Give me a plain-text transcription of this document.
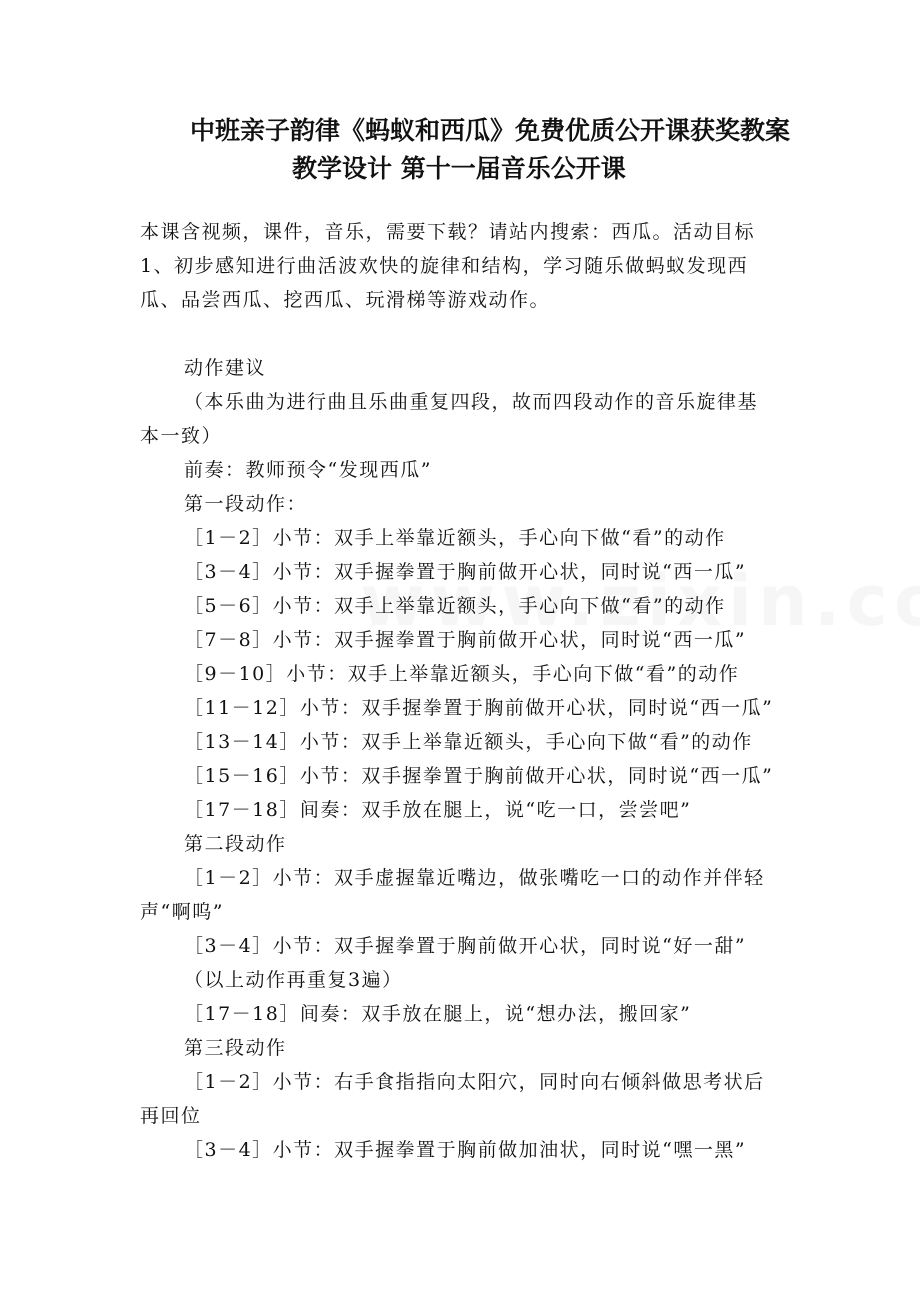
中班亲子韵律《蚂蚁和西瓜》免费优质公开课获奖教案
教学设计 第十一届音乐公开课
本课含视频，课件，音乐，需要下载？请站内搜索：西瓜。活动目标
1、初步感知进行曲活波欢快的旋律和结构，学习随乐做蚂蚁发现西
瓜、品尝西瓜、挖西瓜、玩滑梯等游戏动作。
动作建议
（本乐曲为进行曲且乐曲重复四段，故而四段动作的音乐旋律基
本一致）
前奏：教师预令“发现西瓜”
第一段动作：
［1－2］小节：双手上举靠近额头，手心向下做“看”的动作
［3－4］小节：双手握拳置于胸前做开心状，同时说“西一瓜”
［5－6］小节：双手上举靠近额头，手心向下做“看”的动作
［7－8］小节：双手握拳置于胸前做开心状，同时说“西一瓜”
［9－10］小节：双手上举靠近额头，手心向下做“看”的动作
［11－12］小节：双手握拳置于胸前做开心状，同时说“西一瓜”
［13－14］小节：双手上举靠近额头，手心向下做“看”的动作
［15－16］小节：双手握拳置于胸前做开心状，同时说“西一瓜”
［17－18］间奏：双手放在腿上，说“吃一口，尝尝吧”
第二段动作
［1－2］小节：双手虚握靠近嘴边，做张嘴吃一口的动作并伴轻
声“啊呜”
［3－4］小节：双手握拳置于胸前做开心状，同时说“好一甜”
（以上动作再重复3遍）
［17－18］间奏：双手放在腿上，说“想办法，搬回家”
第三段动作
［1－2］小节：右手食指指向太阳穴，同时向右倾斜做思考状后
再回位
［3－4］小节：双手握拳置于胸前做加油状，同时说“嘿一黑”
